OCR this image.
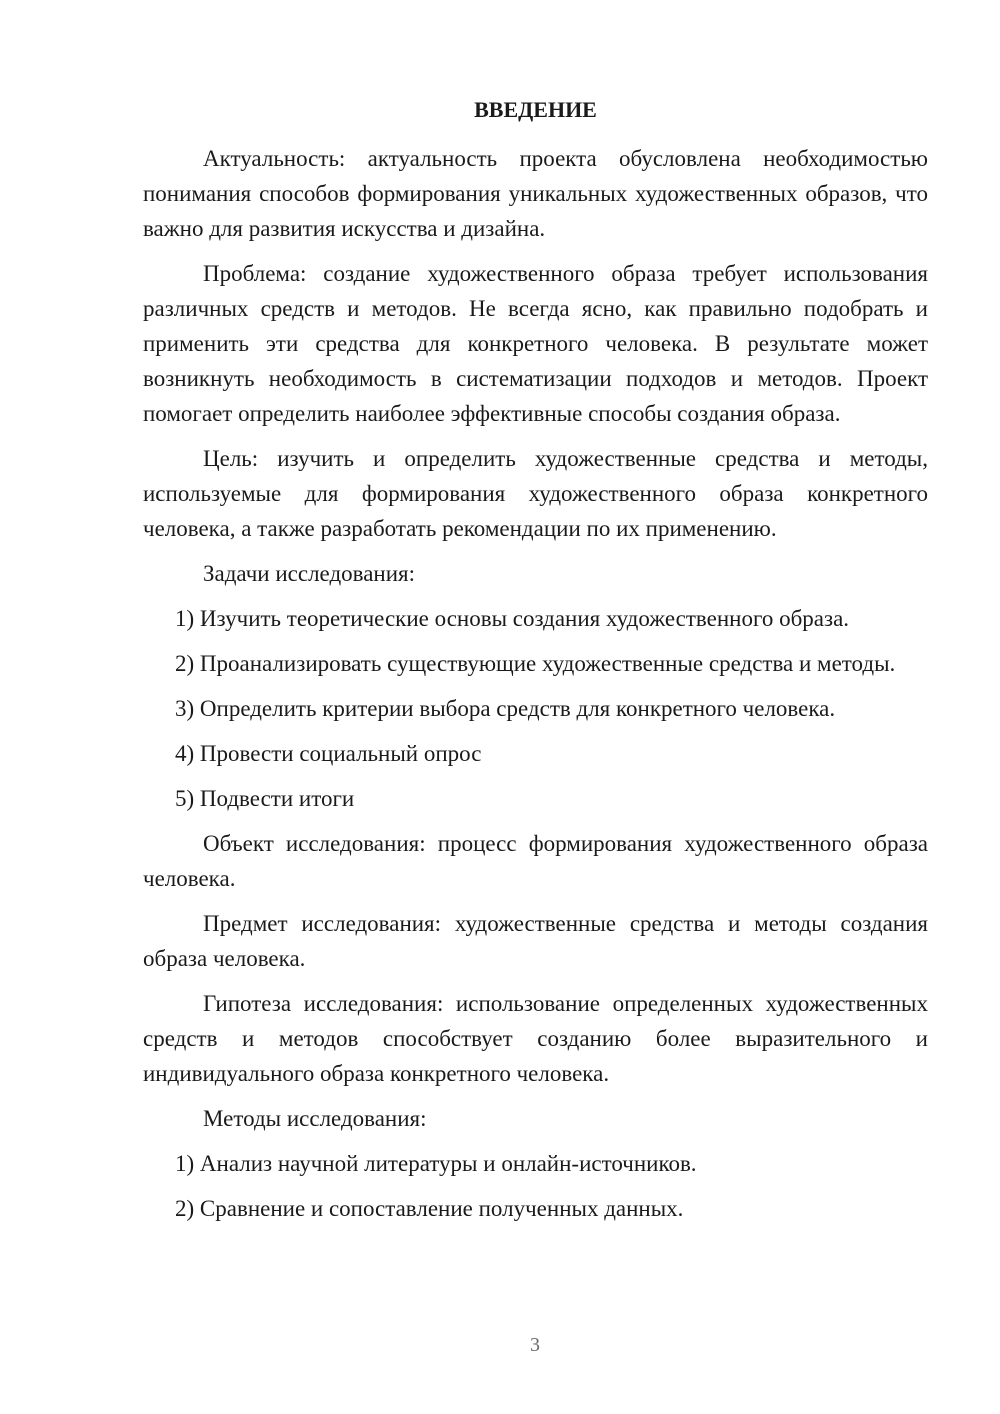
ВВЕДЕНИЕ

Актуальность: актуальность проекта обусловлена необходимостью понимания способов формирования уникальных художественных образов, что важно для развития искусства и дизайна.

Проблема: создание художественного образа требует использования различных средств и методов. Не всегда ясно, как правильно подобрать и применить эти средства для конкретного человека. В результате может возникнуть необходимость в систематизации подходов и методов. Проект помогает определить наиболее эффективные способы создания образа.

Цель: изучить и определить художественные средства и методы, используемые для формирования художественного образа конкретного человека, а также разработать рекомендации по их применению.

Задачи исследования:

1) Изучить теоретические основы создания художественного образа.

2) Проанализировать существующие художественные средства и методы.

3) Определить критерии выбора средств для конкретного человека.

4) Провести социальный опрос

5) Подвести итоги

Объект исследования: процесс формирования художественного образа человека.

Предмет исследования: художественные средства и методы создания образа человека.

Гипотеза исследования: использование определенных художественных средств и методов способствует созданию более выразительного и индивидуального образа конкретного человека.

Методы исследования:

1) Анализ научной литературы и онлайн-источников.

2) Сравнение и сопоставление полученных данных.

3
